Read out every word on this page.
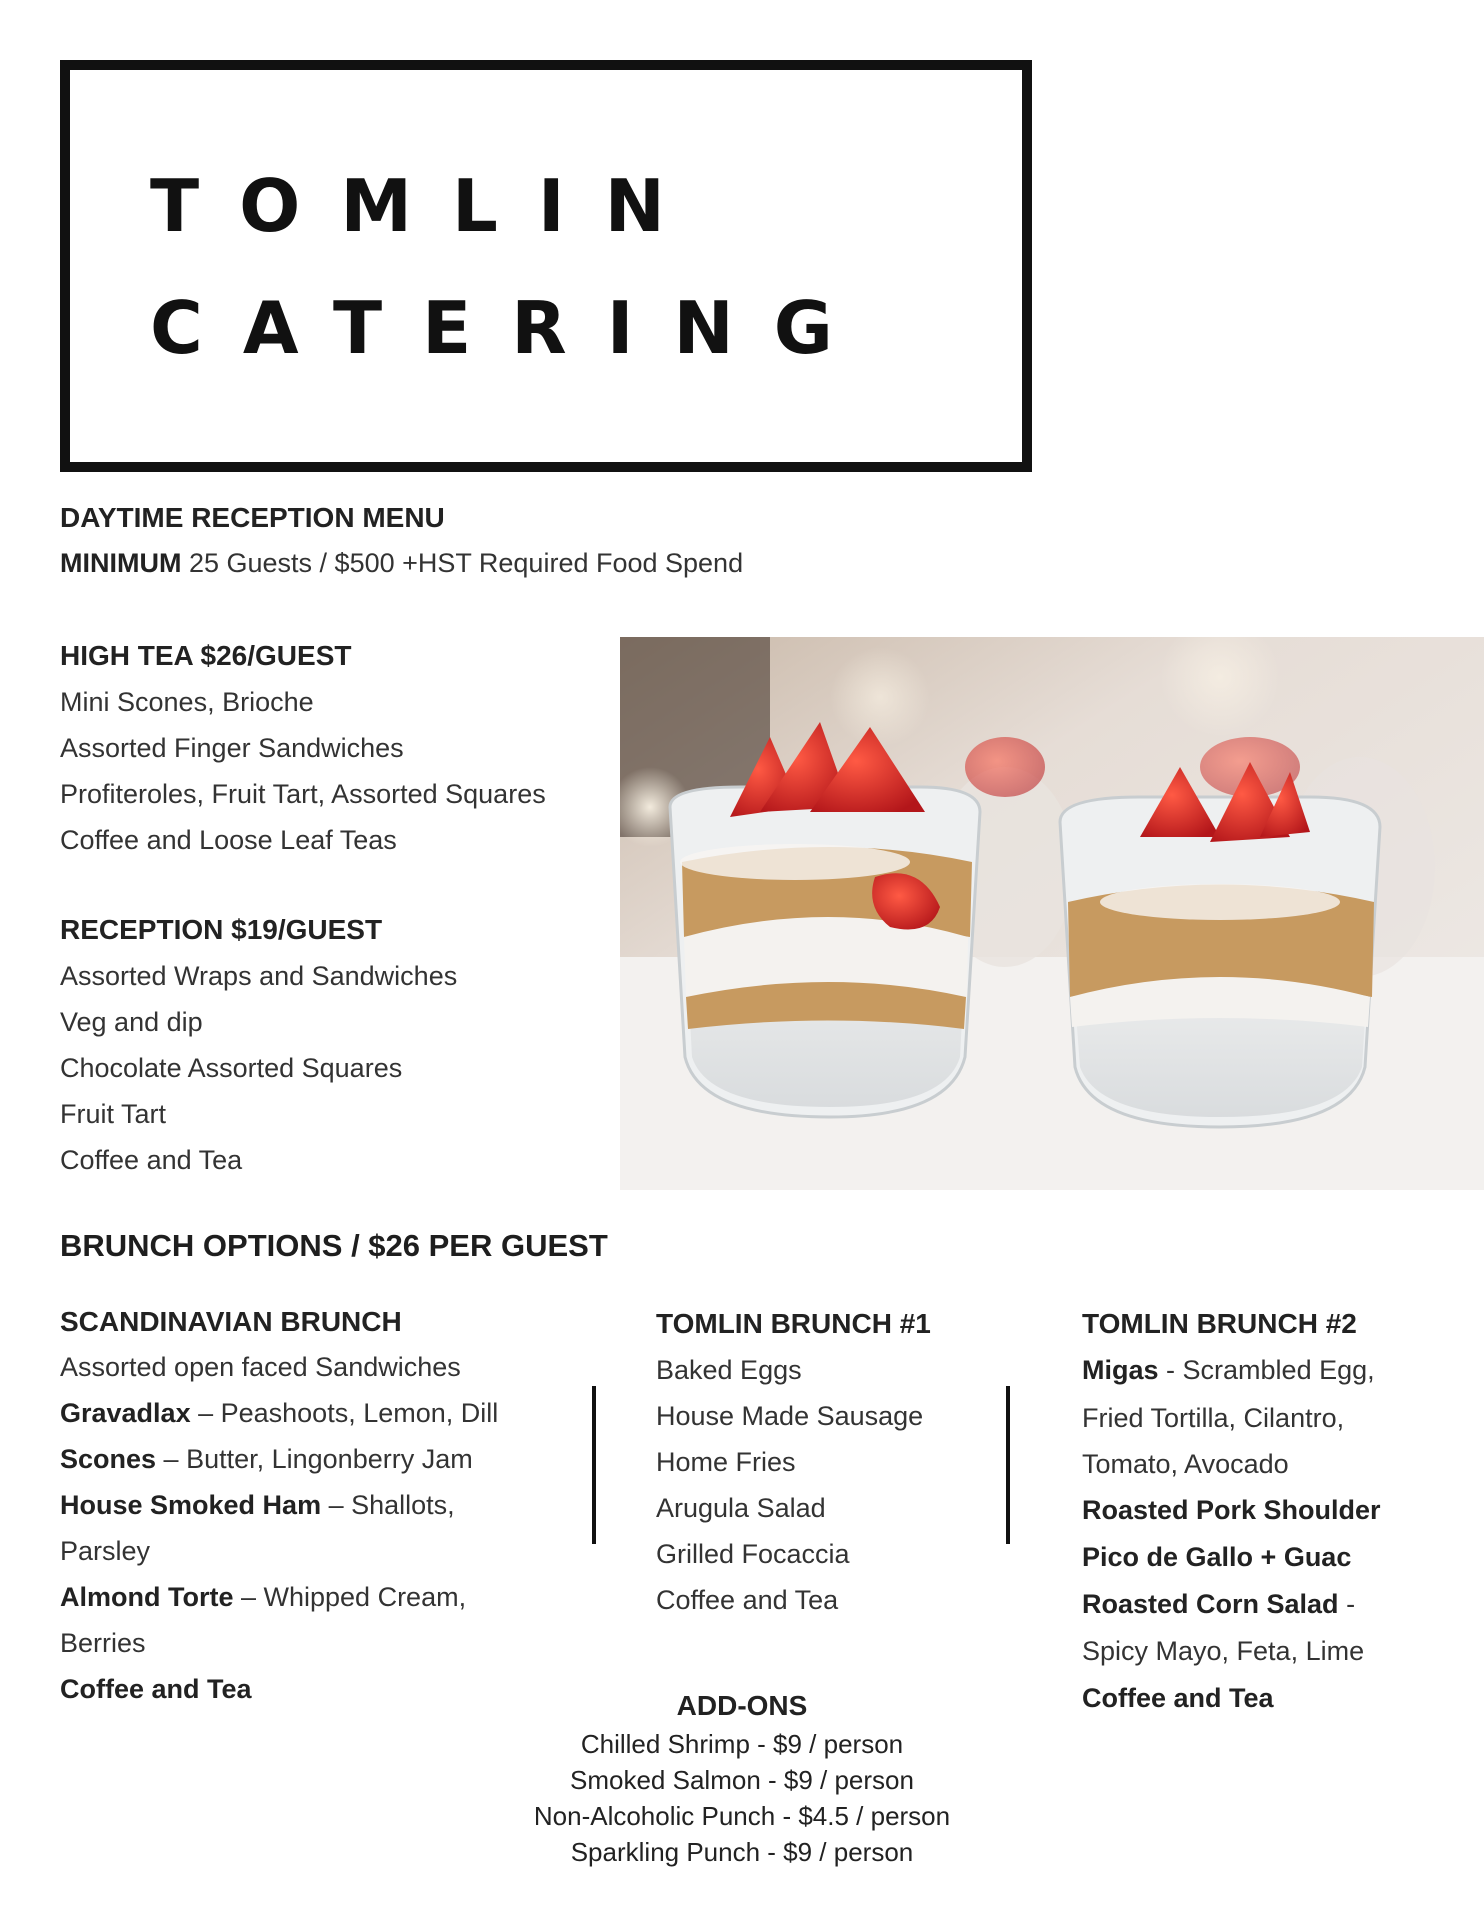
TOMLIN
CATERING
DAYTIME RECEPTION MENU
MINIMUM 25 Guests / $500 +HST Required Food Spend
HIGH TEA $26/GUEST
Mini Scones, Brioche
Assorted Finger Sandwiches
Profiteroles, Fruit Tart, Assorted Squares
Coffee and Loose Leaf Teas
RECEPTION $19/GUEST
Assorted Wraps and Sandwiches
Veg and dip
Chocolate Assorted Squares
Fruit Tart
Coffee and Tea
BRUNCH OPTIONS / $26 PER GUEST
SCANDINAVIAN BRUNCH
Assorted open faced Sandwiches
Gravadlax – Peashoots, Lemon, Dill
Scones – Butter, Lingonberry Jam
House Smoked Ham – Shallots,
Parsley
Almond Torte – Whipped Cream,
Berries
Coffee and Tea
TOMLIN BRUNCH #1
Baked Eggs
House Made Sausage
Home Fries
Arugula Salad
Grilled Focaccia
Coffee and Tea
TOMLIN BRUNCH #2
Migas - Scrambled Egg,
Fried Tortilla, Cilantro,
Tomato, Avocado
Roasted Pork Shoulder
Pico de Gallo + Guac
Roasted Corn Salad -
Spicy Mayo, Feta, Lime
Coffee and Tea
ADD-ONS
Chilled Shrimp - $9 / person
Smoked Salmon - $9 / person
Non-Alcoholic Punch - $4.5 / person
Sparkling Punch - $9 / person
